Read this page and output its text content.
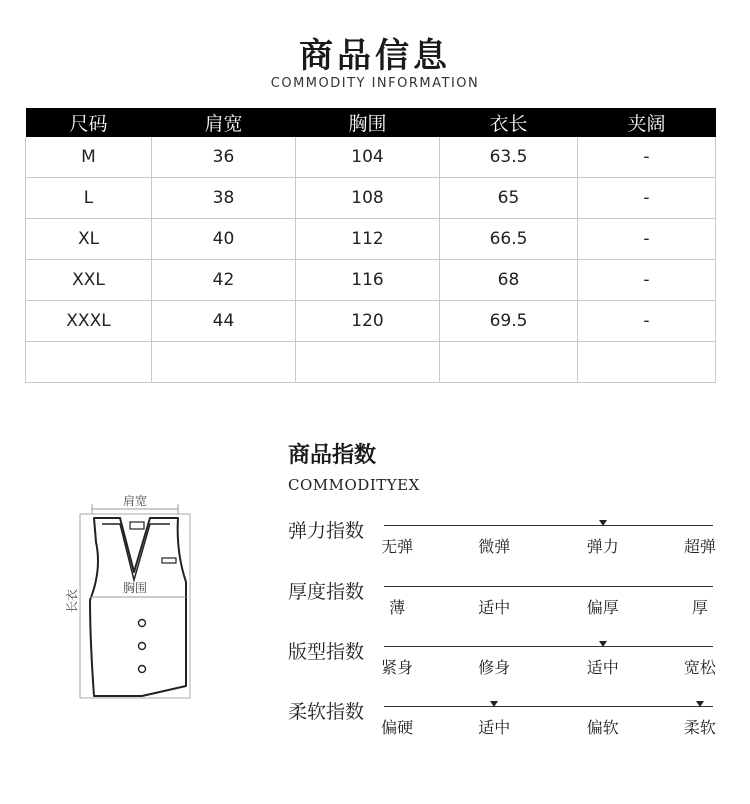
商品信息
COMMODITY INFORMATION
尺码	肩宽	胸围	衣长	夹阔
M	36	104	63.5	-
L	38	108	65	-
XL	40	112	66.5	-
XXL	42	116	68	-
XXXL	44	120	69.5	-

肩宽
胸围
长衣
商品指数
COMMODITYEX
弹力指数
无弹	微弹	弹力	超弹
厚度指数
薄	适中	偏厚	厚
版型指数
紧身	修身	适中	宽松
柔软指数
偏硬	适中	偏软	柔软
